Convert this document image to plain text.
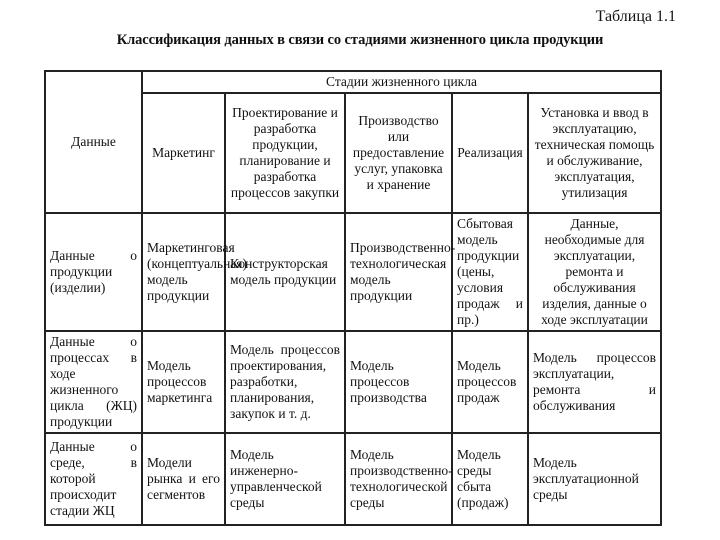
Таблица 1.1
Классификация данных в связи со стадиями жизненного цикла продукции
Данные	Стадии жизненного цикла				
	Маркетинг	Проектирование и разработка продукции, планирование и разработка процессов закупки	Производство или предоставление услуг, упаковка и хранение	Реализация	Установка и ввод в эксплуатацию, техническая помощь и обслуживание, эксплуатация, утилизация
Данные о продукции (изделии)	Маркетинговая (концептуальная) модель продукции	Конструкторская модель продукции	Производственно-технологическая модель продукции	Сбытовая модель продукции (цены, условия продаж и пр.)	Данные, необходимые для эксплуатации, ремонта и обслуживания изделия, данные о ходе эксплуатации
Данные о процессах в ходе жизненного цикла (ЖЦ) продукции	Модель процессов маркетинга	Модель процессов проектирования, разработки, планирования, закупок и т. д.	Модель процессов производства	Модель процессов продаж	Модель процессов эксплуатации, ремонта и обслуживания
Данные о среде, в которой происходит стадии ЖЦ	Модели рынка и его сегментов	Модель инженерно-управленческой среды	Модель производственно-технологической среды	Модель среды сбыта (продаж)	Модель эксплуатационной среды
